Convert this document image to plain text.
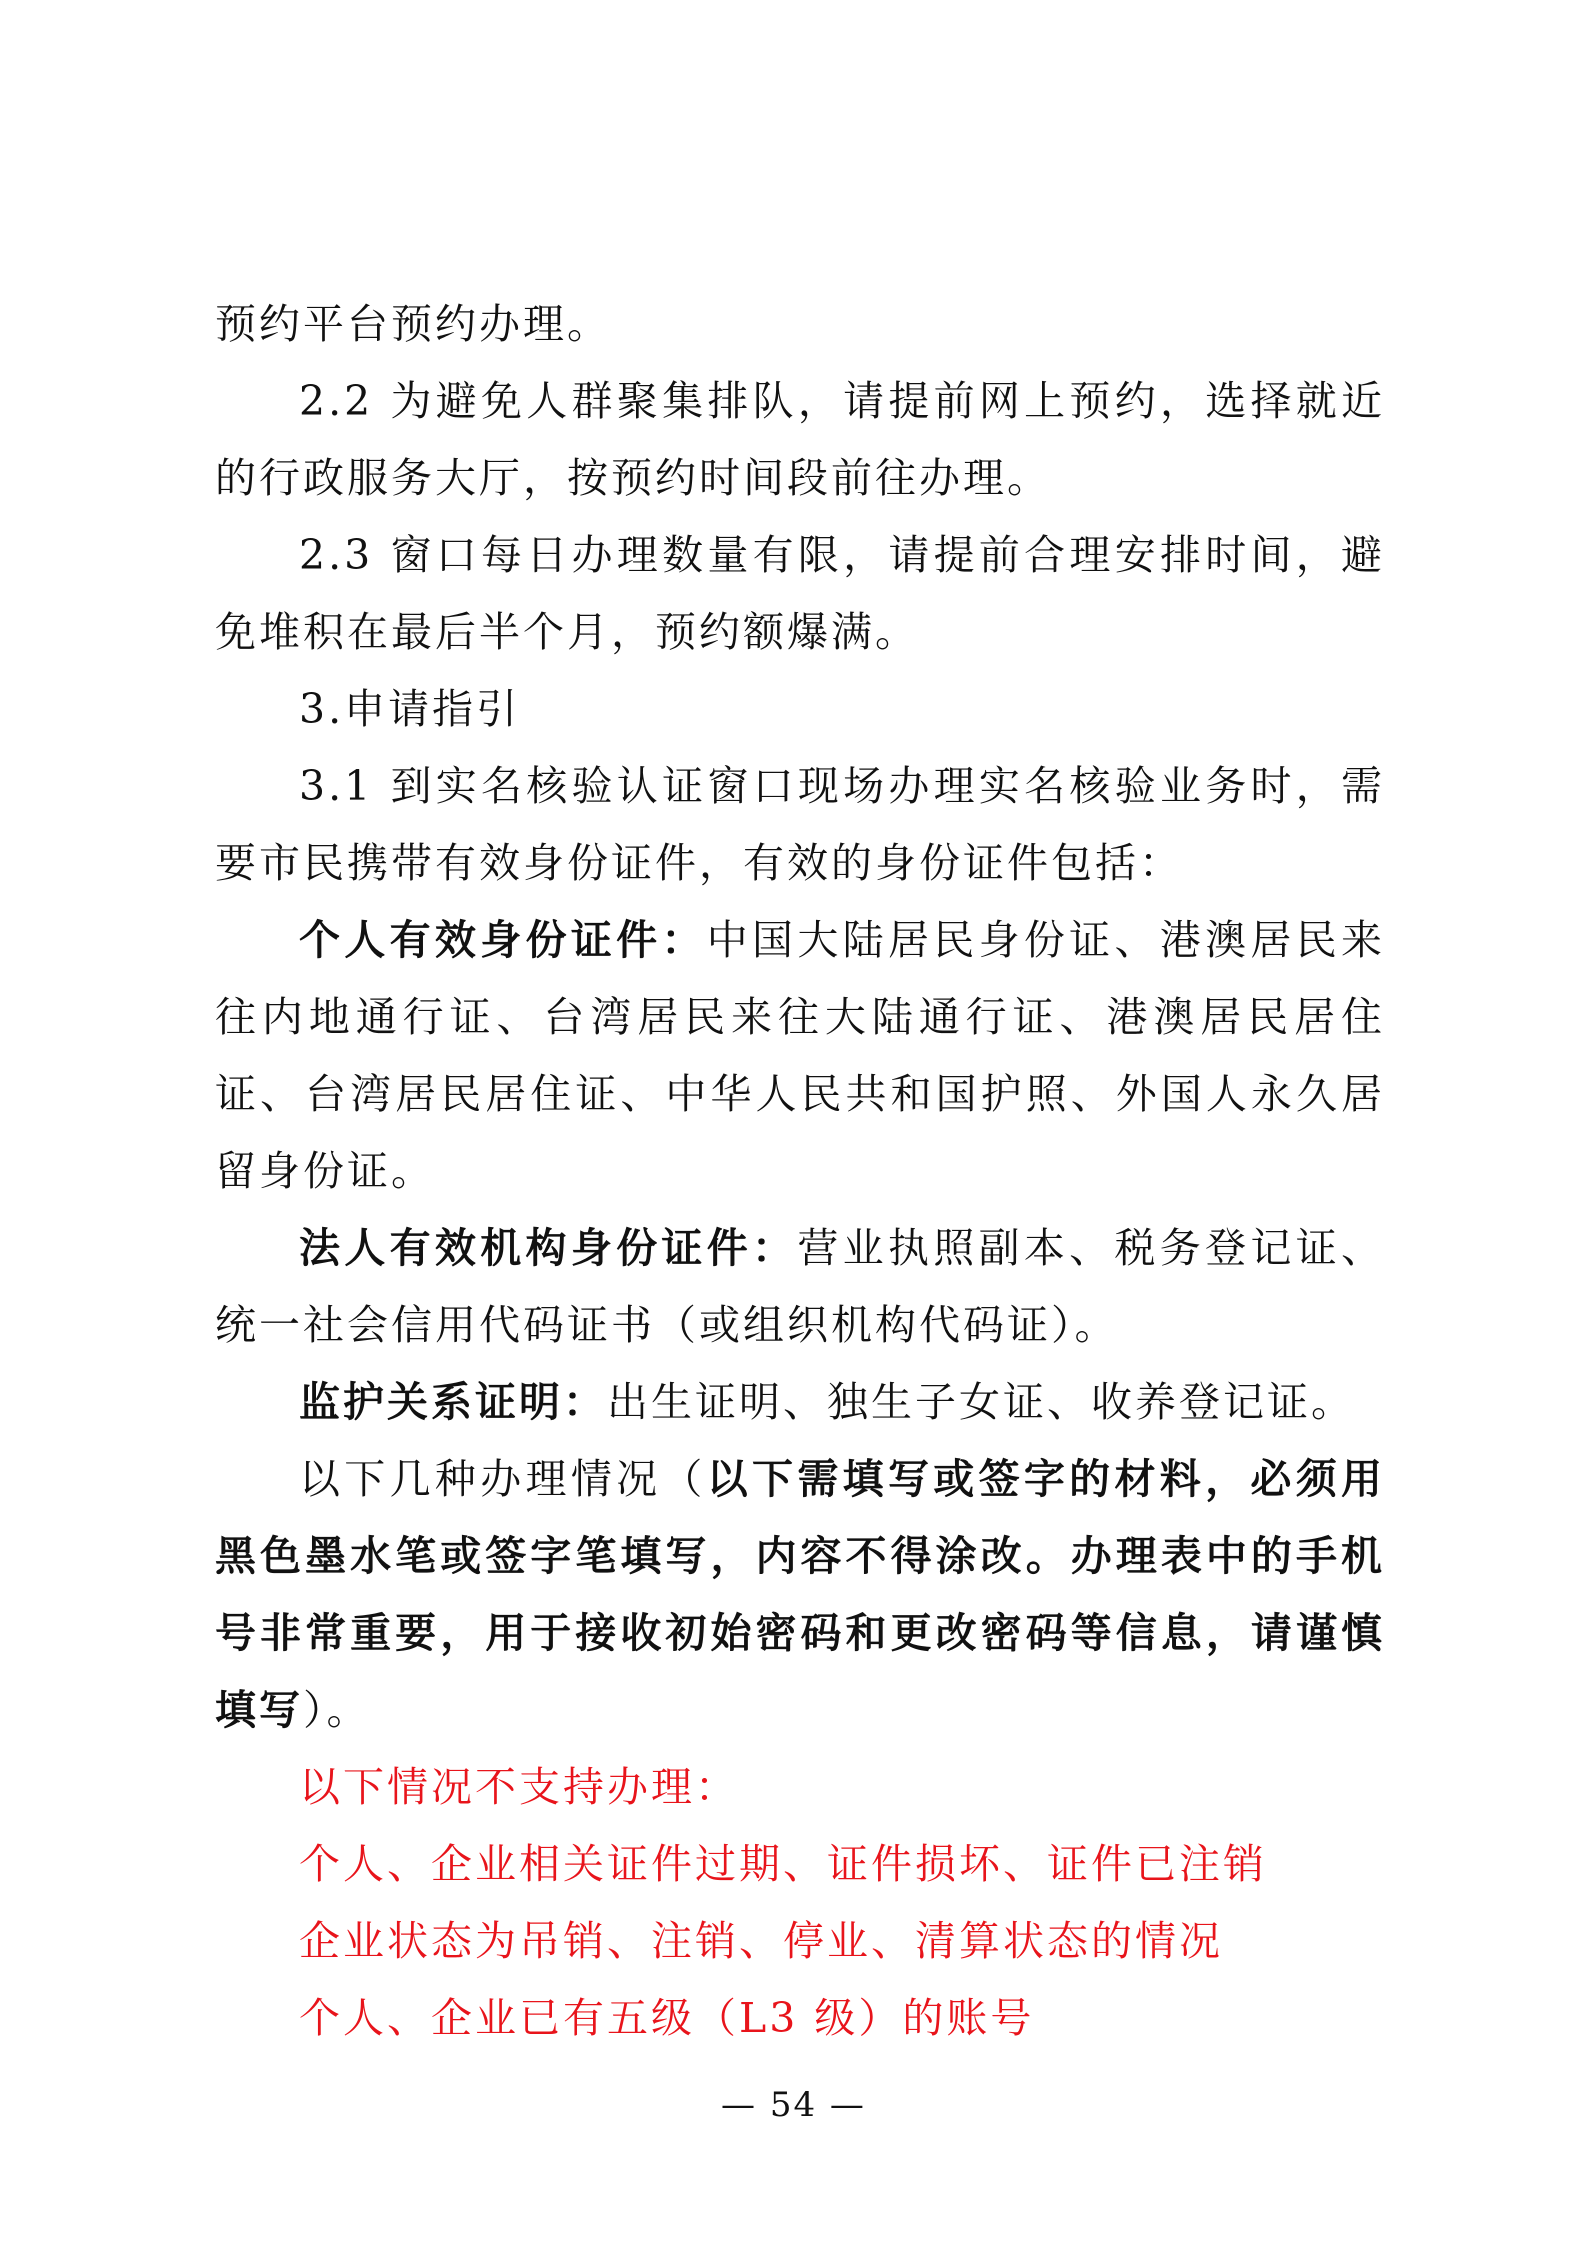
预约平台预约办理。

2.2 为避免人群聚集排队，请提前网上预约，选择就近的行政服务大厅，按预约时间段前往办理。

2.3 窗口每日办理数量有限，请提前合理安排时间，避免堆积在最后半个月，预约额爆满。

3.申请指引

3.1 到实名核验认证窗口现场办理实名核验业务时，需要市民携带有效身份证件，有效的身份证件包括：

个人有效身份证件：中国大陆居民身份证、港澳居民来往内地通行证、台湾居民来往大陆通行证、港澳居民居住证、台湾居民居住证、中华人民共和国护照、外国人永久居留身份证。

法人有效机构身份证件：营业执照副本、税务登记证、统一社会信用代码证书（或组织机构代码证）。

监护关系证明：出生证明、独生子女证、收养登记证。

以下几种办理情况（以下需填写或签字的材料，必须用黑色墨水笔或签字笔填写，内容不得涂改。办理表中的手机号非常重要，用于接收初始密码和更改密码等信息，请谨慎填写）。

以下情况不支持办理：

个人、企业相关证件过期、证件损坏、证件已注销

企业状态为吊销、注销、停业、清算状态的情况

个人、企业已有五级（L3 级）的账号

— 54 —
